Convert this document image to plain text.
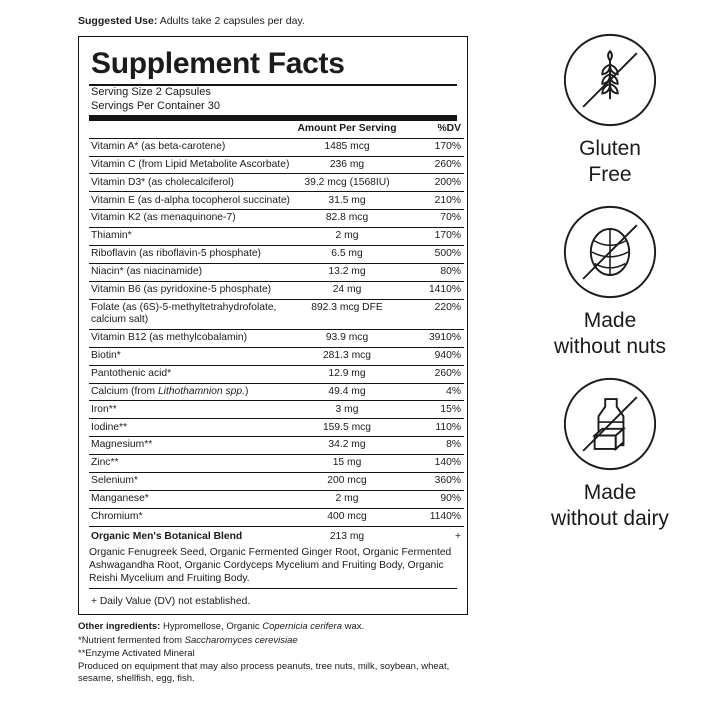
Suggested Use: Adults take 2 capsules per day.
Supplement Facts
Serving Size 2 Capsules
Servings Per Container 30
	Amount Per Serving	%DV
Vitamin A* (as beta-carotene)	1485 mcg	170%
Vitamin C (from Lipid Metabolite Ascorbate)	236 mg	260%
Vitamin D3* (as cholecalciferol)	39.2 mcg (1568IU)	200%
Vitamin E (as d-alpha tocopherol succinate)	31.5 mg	210%
Vitamin K2 (as menaquinone-7)	82.8 mcg	70%
Thiamin*	2 mg	170%
Riboflavin (as riboflavin-5 phosphate)	6.5 mg	500%
Niacin* (as niacinamide)	13.2 mg	80%
Vitamin B6 (as pyridoxine-5 phosphate)	24 mg	1410%
Folate (as (6S)-5-methyltetrahydrofolate, calcium salt)	892.3 mcg DFE	220%
Vitamin B12 (as methylcobalamin)	93.9 mcg	3910%
Biotin*	281.3 mcg	940%
Pantothenic acid*	12.9 mg	260%
Calcium (from Lithothamnion spp.)	49.4 mg	4%
Iron**	3 mg	15%
Iodine**	159.5 mcg	110%
Magnesium**	34.2 mg	8%
Zinc**	15 mg	140%
Selenium*	200 mcg	360%
Manganese*	2 mg	90%
Chromium*	400 mcg	1140%
Organic Men's Botanical Blend	213 mg	+
Organic Fenugreek Seed, Organic Fermented Ginger Root, Organic Fermented Ashwagandha Root, Organic Cordyceps Mycelium and Fruiting Body, Organic Reishi Mycelium and Fruiting Body.		
+ Daily Value (DV) not established.

Other ingredients: Hypromellose, Organic Copernicia cerifera wax.

*Nutrient fermented from Saccharomyces cerevisiae

**Enzyme Activated Mineral

Produced on equipment that may also process peanuts, tree nuts, milk, soybean, wheat, sesame, shellfish, egg, fish.

Gluten
Free
Made
without nuts
Made
without dairy
